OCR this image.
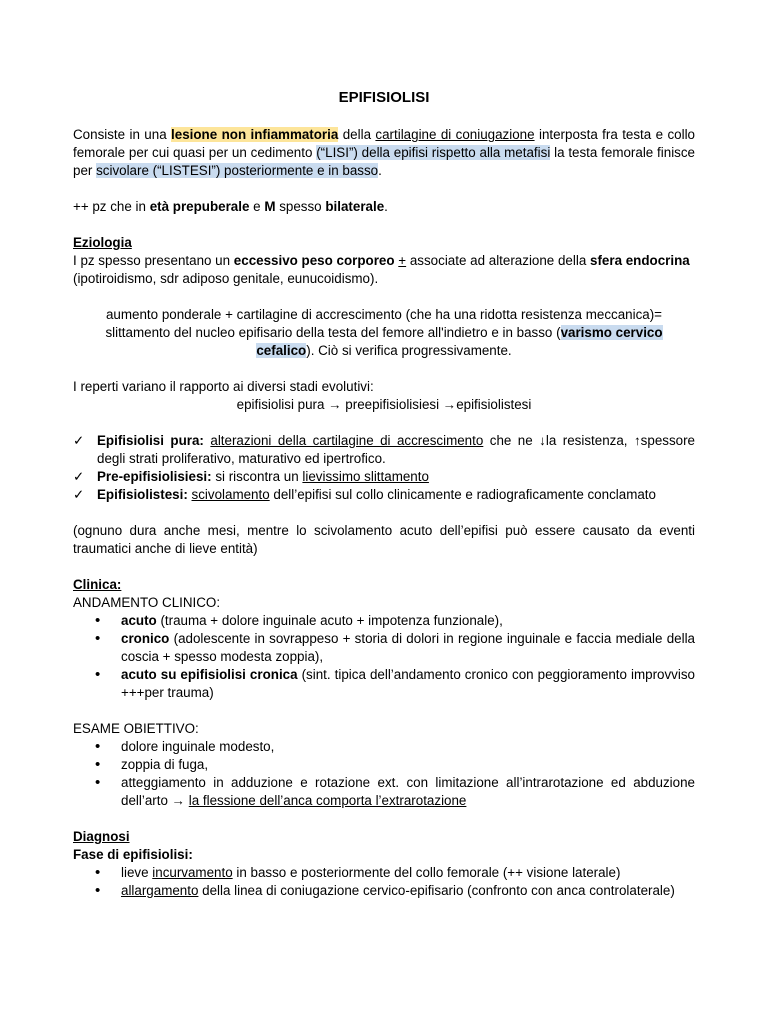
EPIFISIOLISI

Consiste in una lesione non infiammatoria della cartilagine di coniugazione interposta fra testa e collo femorale per cui quasi per un cedimento (“LISI”) della epifisi rispetto alla metafisi la testa femorale finisce per scivolare (“LISTESI”) posteriormente e in basso.

++ pz che in età prepuberale e M spesso bilaterale.

Eziologia

I pz spesso presentano un eccessivo peso corporeo + associate ad alterazione della sfera endocrina (ipotiroidismo, sdr adiposo genitale, eunucoidismo).

aumento ponderale + cartilagine di accrescimento (che ha una ridotta resistenza meccanica)= slittamento del nucleo epifisario della testa del femore all'indietro e in basso (varismo cervico cefalico). Ciò si verifica progressivamente.

I reperti variano il rapporto ai diversi stadi evolutivi:

epifisiolisi pura → preepifisiolisiesi →epifisiolistesi

✓ Epifisiolisi pura: alterazioni della cartilagine di accrescimento che ne ↓la resistenza, ↑spessore degli strati proliferativo, maturativo ed ipertrofico.
✓ Pre-epifisiolisiesi: si riscontra un lievissimo slittamento
✓ Epifisiolistesi: scivolamento dell’epifisi sul collo clinicamente e radiograficamente conclamato

(ognuno dura anche mesi, mentre lo scivolamento acuto dell’epifisi può essere causato da eventi traumatici anche di lieve entità)

Clinica:

ANDAMENTO CLINICO:

• acuto (trauma + dolore inguinale acuto + impotenza funzionale),
• cronico (adolescente in sovrappeso + storia di dolori in regione inguinale e faccia mediale della coscia + spesso modesta zoppia),
• acuto su epifisiolisi cronica (sint. tipica dell’andamento cronico con peggioramento improvviso +++per trauma)

ESAME OBIETTIVO:

• dolore inguinale modesto,
• zoppia di fuga,
• atteggiamento in adduzione e rotazione ext. con limitazione all’intrarotazione ed abduzione dell’arto → la flessione dell’anca comporta l’extrarotazione

Diagnosi

Fase di epifisiolisi:

• lieve incurvamento in basso e posteriormente del collo femorale (++ visione laterale)
• allargamento della linea di coniugazione cervico-epifisario (confronto con anca controlaterale)
